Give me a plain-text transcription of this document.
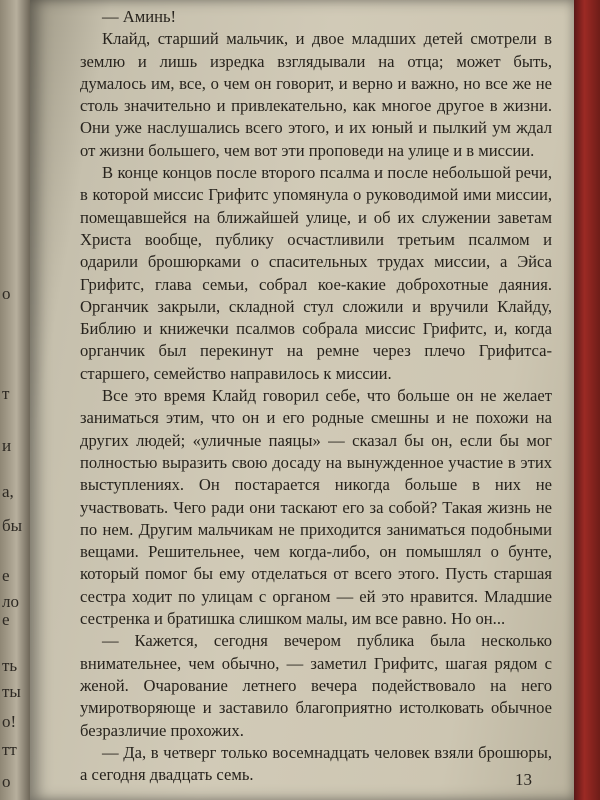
о
т
и
а,
бы
е
ло
е
ть
ты
о!
тт
о

— Аминь!

Клайд, старший мальчик, и двое младших детей смотрели в землю и лишь изредка взглядывали на отца; может быть, думалось им, все, о чем он говорит, и верно и важно, но все же не столь значительно и привлекательно, как многое другое в жизни. Они уже наслушались всего этого, и их юный и пылкий ум ждал от жизни большего, чем вот эти проповеди на улице и в миссии.

В конце концов после второго псалма и после небольшой речи, в которой миссис Грифитс упомянула о руководимой ими миссии, помещавшейся на ближайшей улице, и об их служении заветам Христа вообще, публику осчастливили третьим псалмом и одарили брошюрками о спасительных трудах миссии, а Эйса Грифитс, глава семьи, собрал кое-какие доброхотные даяния. Органчик закрыли, складной стул сложили и вручили Клайду, Библию и книжечки псалмов собрала миссис Грифитс, и, когда органчик был перекинут на ремне через плечо Грифитса-старшего, семейство направилось к миссии.

Все это время Клайд говорил себе, что больше он не желает заниматься этим, что он и его родные смешны и не похожи на других людей; «уличные паяцы» — сказал бы он, если бы мог полностью выразить свою досаду на вынужденное участие в этих выступлениях. Он постарается никогда больше в них не участвовать. Чего ради они таскают его за собой? Такая жизнь не по нем. Другим мальчикам не приходится заниматься подобными вещами. Решительнее, чем когда-либо, он помышлял о бунте, который помог бы ему отделаться от всего этого. Пусть старшая сестра ходит по улицам с органом — ей это нравится. Младшие сестренка и братишка слишком малы, им все равно. Но он...

— Кажется, сегодня вечером публика была несколько внимательнее, чем обычно, — заметил Грифитс, шагая рядом с женой. Очарование летнего вечера подействовало на него умиротворяюще и заставило благоприятно истолковать обычное безразличие прохожих.

— Да, в четверг только восемнадцать человек взяли брошюры, а сегодня двадцать семь.	13
